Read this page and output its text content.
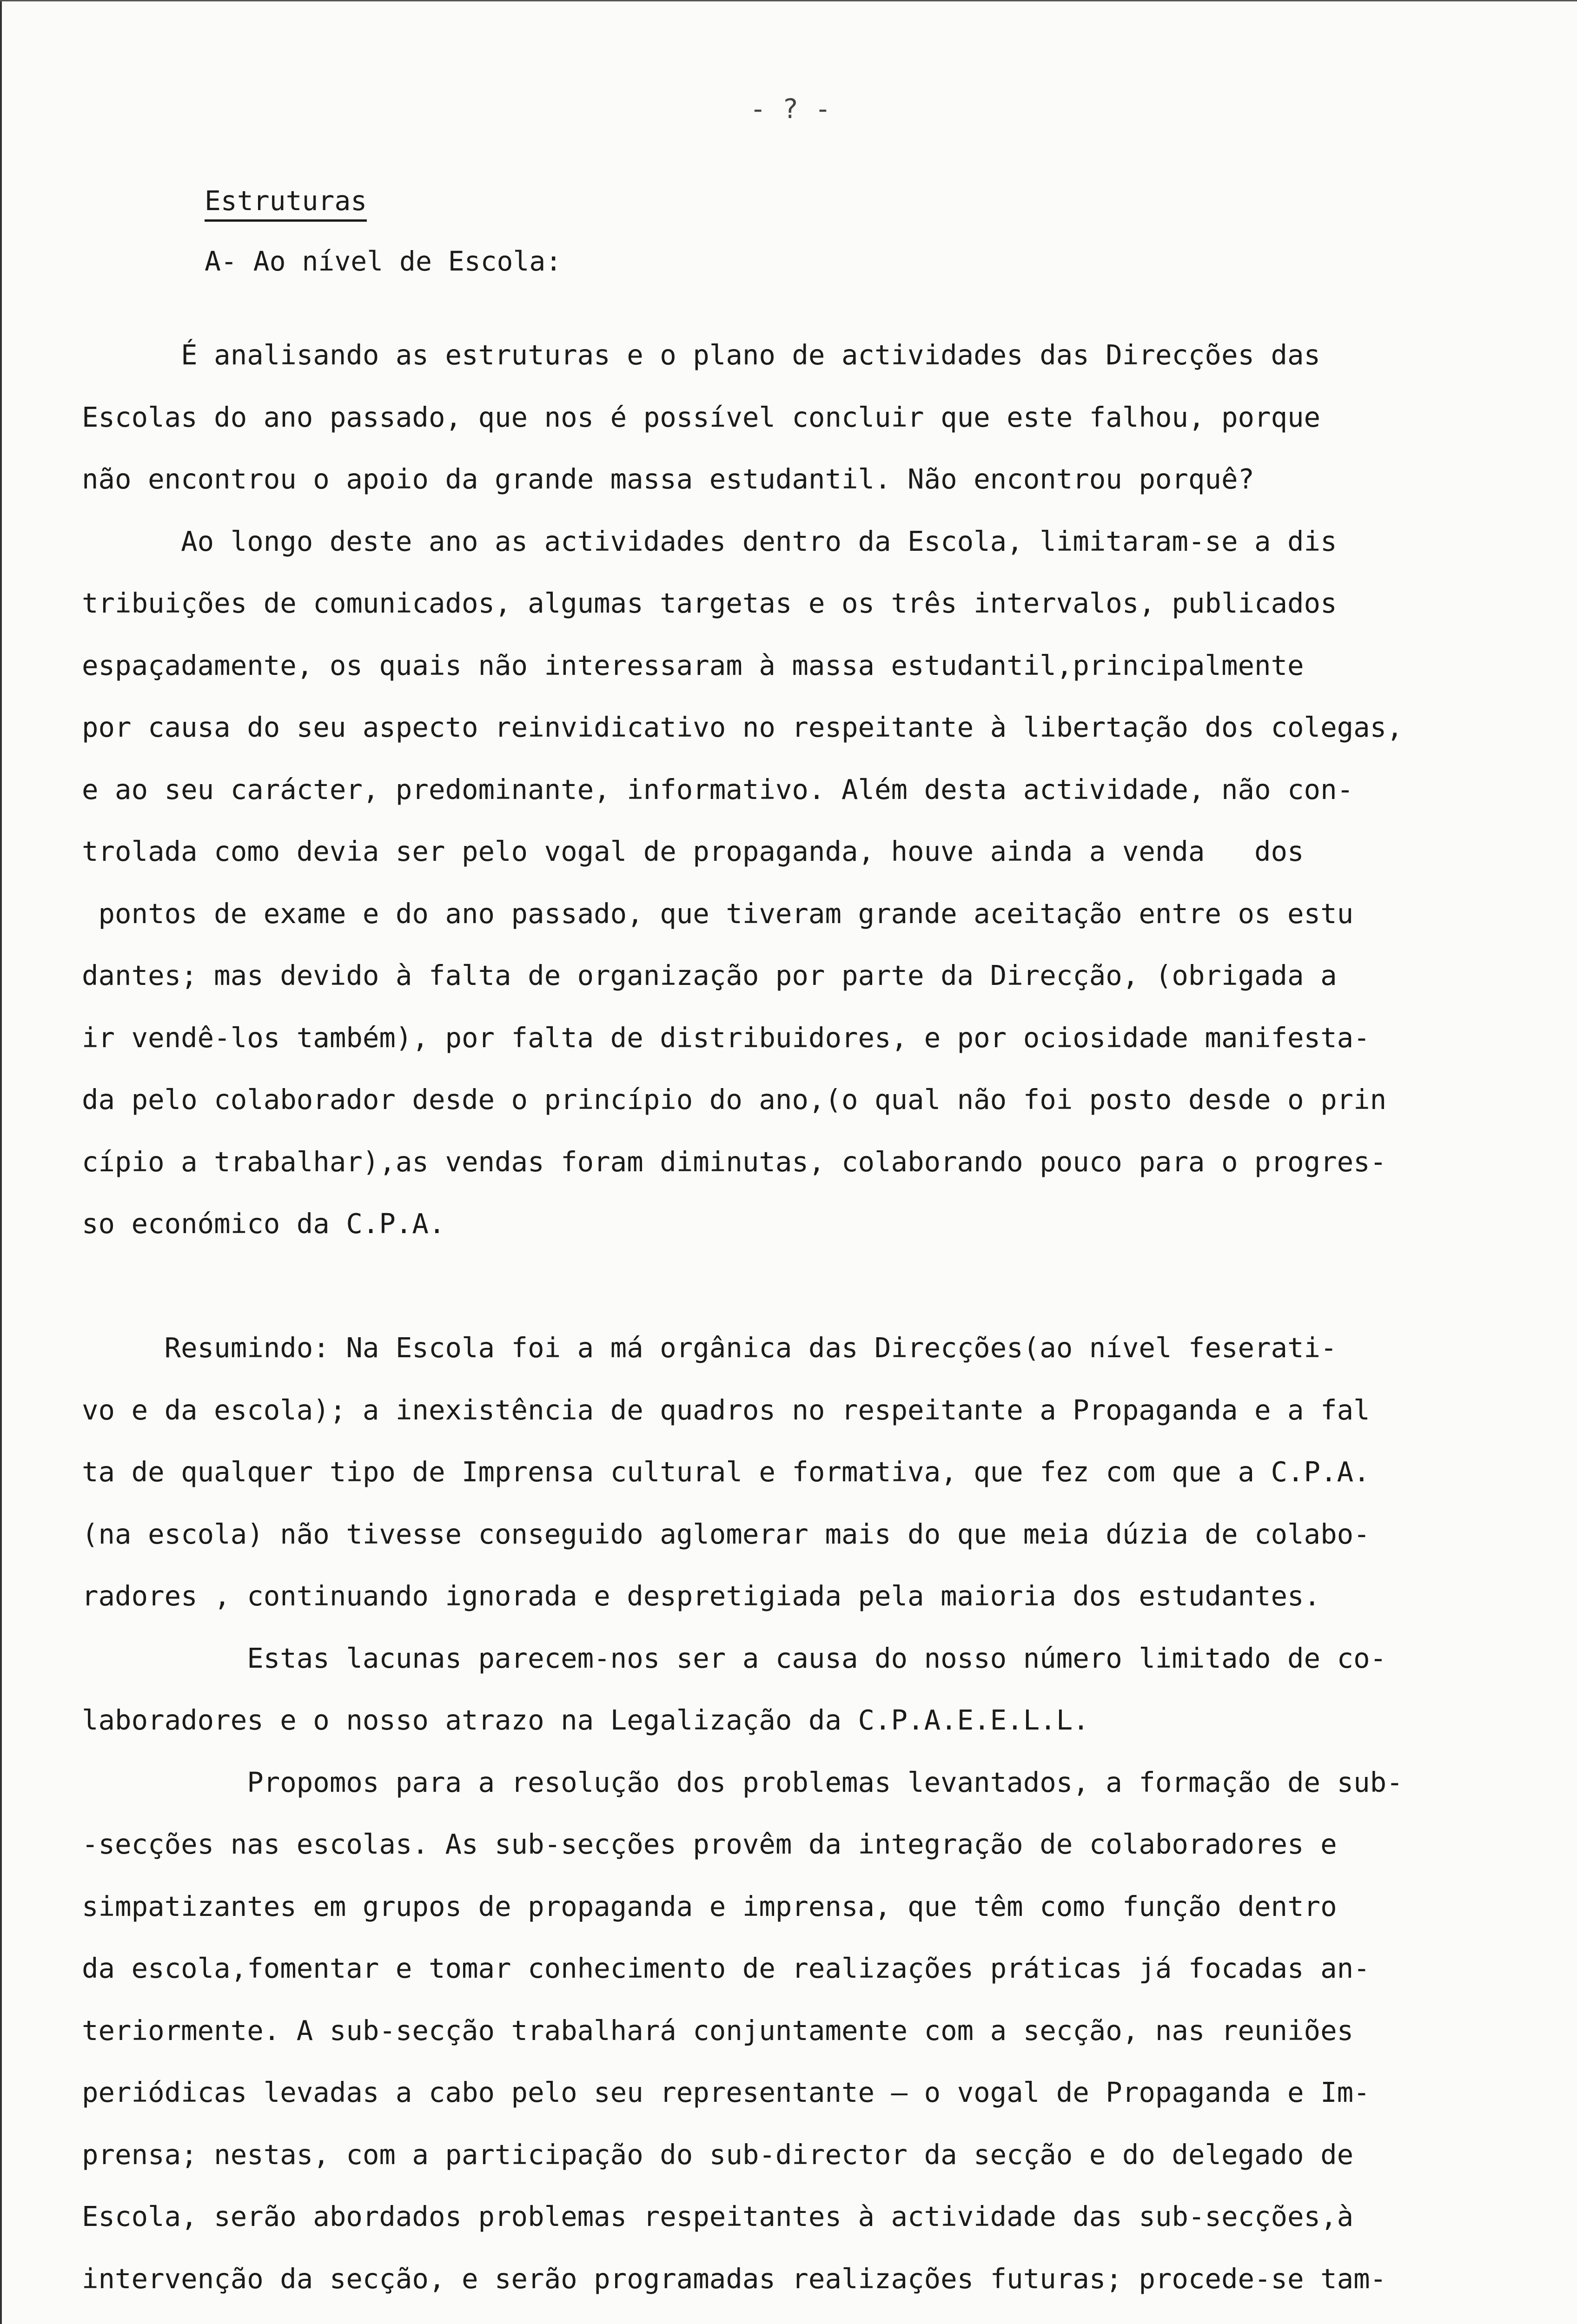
- ? -
Estruturas
A- Ao nível de Escola:
É analisando as estruturas e o plano de actividades das Direcções das
Escolas do ano passado, que nos é possível concluir que este falhou, porque
não encontrou o apoio da grande massa estudantil. Não encontrou porquê?
Ao longo deste ano as actividades dentro da Escola, limitaram-se a dis
tribuições de comunicados, algumas targetas e os três intervalos, publicados
espaçadamente, os quais não interessaram à massa estudantil,principalmente
por causa do seu aspecto reinvidicativo no respeitante à libertação dos colegas,
e ao seu carácter, predominante, informativo. Além desta actividade, não con-
trolada como devia ser pelo vogal de propaganda, houve ainda a venda   dos
pontos de exame e do ano passado, que tiveram grande aceitação entre os estu
dantes; mas devido à falta de organização por parte da Direcção, (obrigada a
ir vendê-los também), por falta de distribuidores, e por ociosidade manifesta-
da pelo colaborador desde o princípio do ano,(o qual não foi posto desde o prin
cípio a trabalhar),as vendas foram diminutas, colaborando pouco para o progres-
so económico da C.P.A.
Resumindo: Na Escola foi a má orgânica das Direcções(ao nível feserati-
vo e da escola); a inexistência de quadros no respeitante a Propaganda e a fal
ta de qualquer tipo de Imprensa cultural e formativa, que fez com que a C.P.A.
(na escola) não tivesse conseguido aglomerar mais do que meia dúzia de colabo-
radores , continuando ignorada e despretigiada pela maioria dos estudantes.
Estas lacunas parecem-nos ser a causa do nosso número limitado de co-
laboradores e o nosso atrazo na Legalização da C.P.A.E.E.L.L.
Propomos para a resolução dos problemas levantados, a formação de sub-
-secções nas escolas. As sub-secções provêm da integração de colaboradores e
simpatizantes em grupos de propaganda e imprensa, que têm como função dentro
da escola,fomentar e tomar conhecimento de realizações práticas já focadas an-
teriormente. A sub-secção trabalhará conjuntamente com a secção, nas reuniões
periódicas levadas a cabo pelo seu representante — o vogal de Propaganda e Im-
prensa; nestas, com a participação do sub-director da secção e do delegado de
Escola, serão abordados problemas respeitantes à actividade das sub-secções,à
intervenção da secção, e serão programadas realizações futuras; procede-se tam-
